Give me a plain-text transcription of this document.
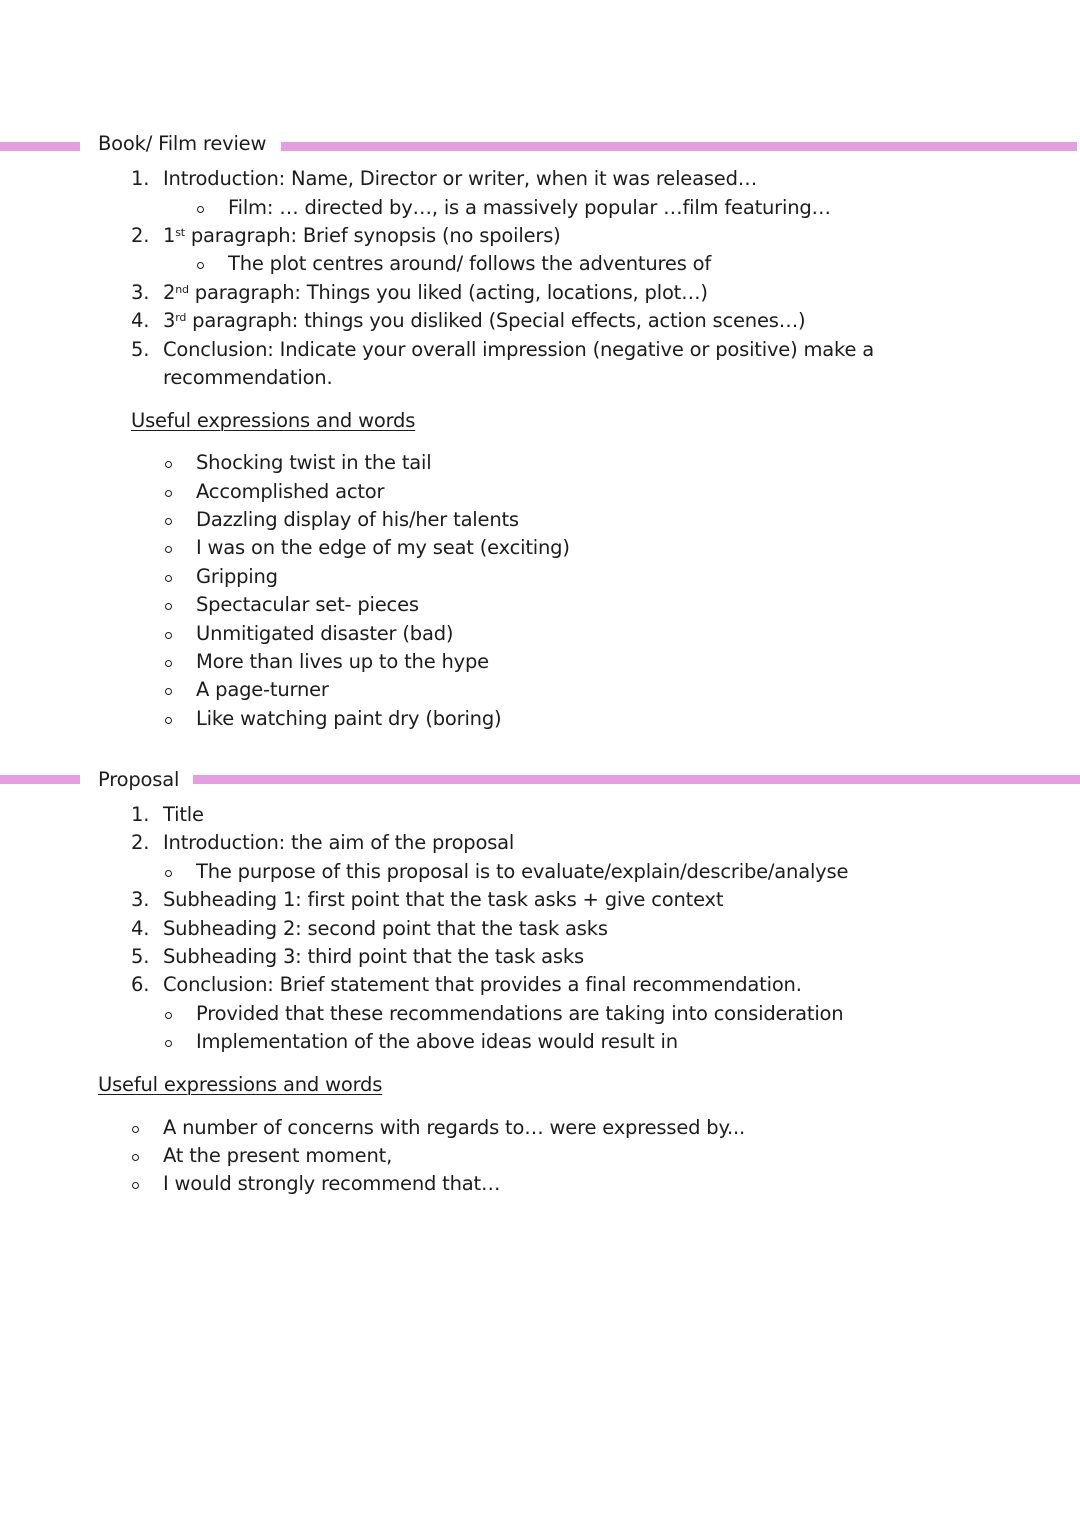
Book/ Film review
1. Introduction: Name, Director or writer, when it was released…
Film: … directed by…, is a massively popular …film featuring…
2. 1st paragraph: Brief synopsis (no spoilers)
The plot centres around/ follows the adventures of
3. 2nd paragraph: Things you liked (acting, locations, plot…)
4. 3rd paragraph: things you disliked (Special effects, action scenes…)
5. Conclusion: Indicate your overall impression (negative or positive) make a
recommendation.
Useful expressions and words
Shocking twist in the tail
Accomplished actor
Dazzling display of his/her talents
I was on the edge of my seat (exciting)
Gripping
Spectacular set- pieces
Unmitigated disaster (bad)
More than lives up to the hype
A page-turner
Like watching paint dry (boring)
Proposal
1. Title
2. Introduction: the aim of the proposal
The purpose of this proposal is to evaluate/explain/describe/analyse
3. Subheading 1: first point that the task asks + give context
4. Subheading 2: second point that the task asks
5. Subheading 3: third point that the task asks
6. Conclusion: Brief statement that provides a final recommendation.
Provided that these recommendations are taking into consideration
Implementation of the above ideas would result in
Useful expressions and words
A number of concerns with regards to… were expressed by...
At the present moment,
I would strongly recommend that…
